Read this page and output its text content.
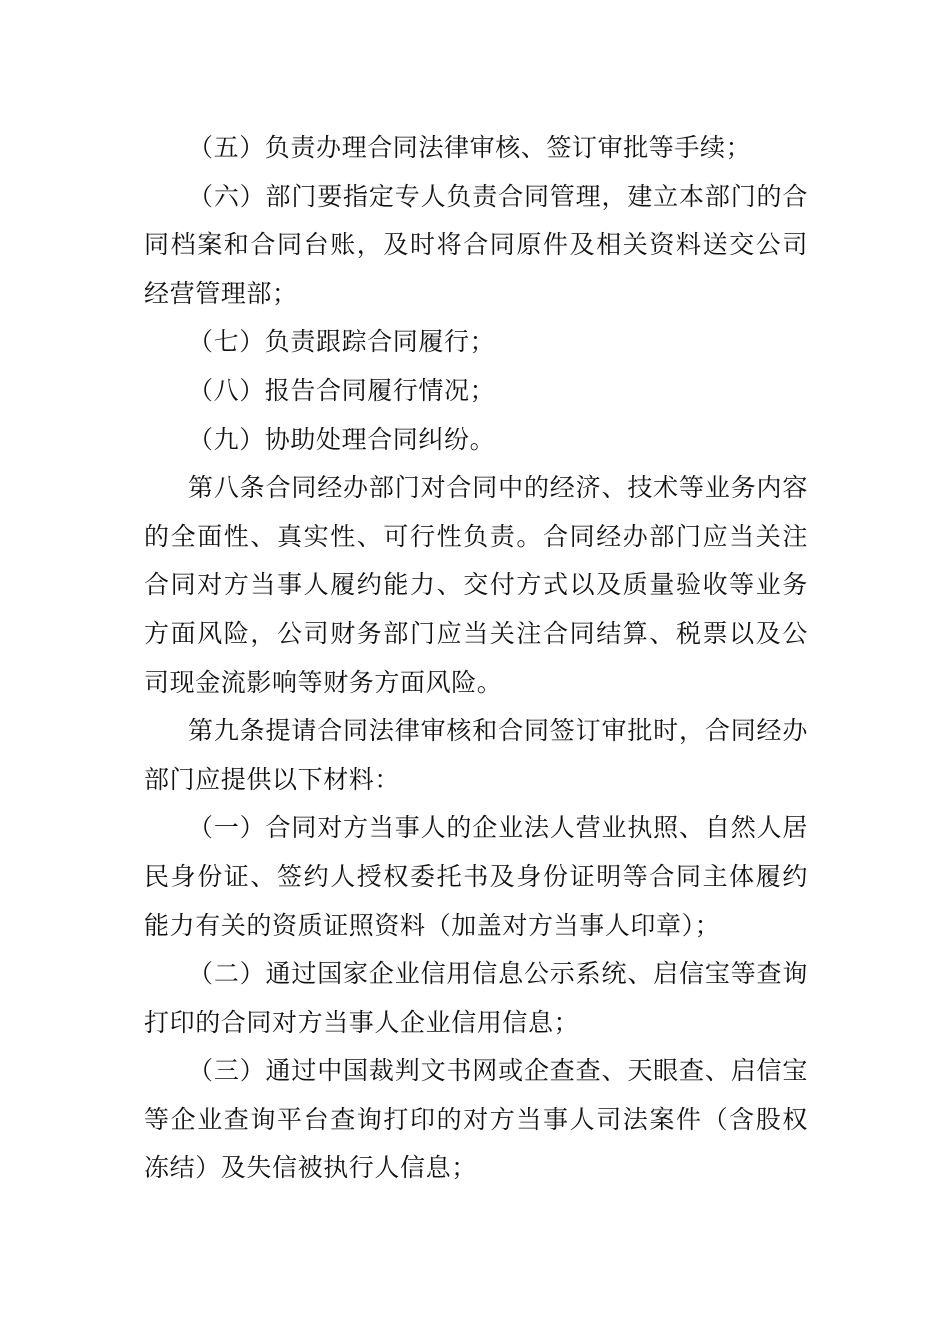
（五）负责办理合同法律审核、签订审批等手续；

（六）部门要指定专人负责合同管理，建立本部门的合同档案和合同台账，及时将合同原件及相关资料送交公司经营管理部；

（七）负责跟踪合同履行；

（八）报告合同履行情况；

（九）协助处理合同纠纷。

第八条合同经办部门对合同中的经济、技术等业务内容的全面性、真实性、可行性负责。合同经办部门应当关注合同对方当事人履约能力、交付方式以及质量验收等业务方面风险，公司财务部门应当关注合同结算、税票以及公司现金流影响等财务方面风险。

第九条提请合同法律审核和合同签订审批时，合同经办部门应提供以下材料：

（一）合同对方当事人的企业法人营业执照、自然人居民身份证、签约人授权委托书及身份证明等合同主体履约能力有关的资质证照资料（加盖对方当事人印章）；

（二）通过国家企业信用信息公示系统、启信宝等查询打印的合同对方当事人企业信用信息；

（三）通过中国裁判文书网或企查查、天眼查、启信宝等企业查询平台查询打印的对方当事人司法案件（含股权冻结）及失信被执行人信息；
